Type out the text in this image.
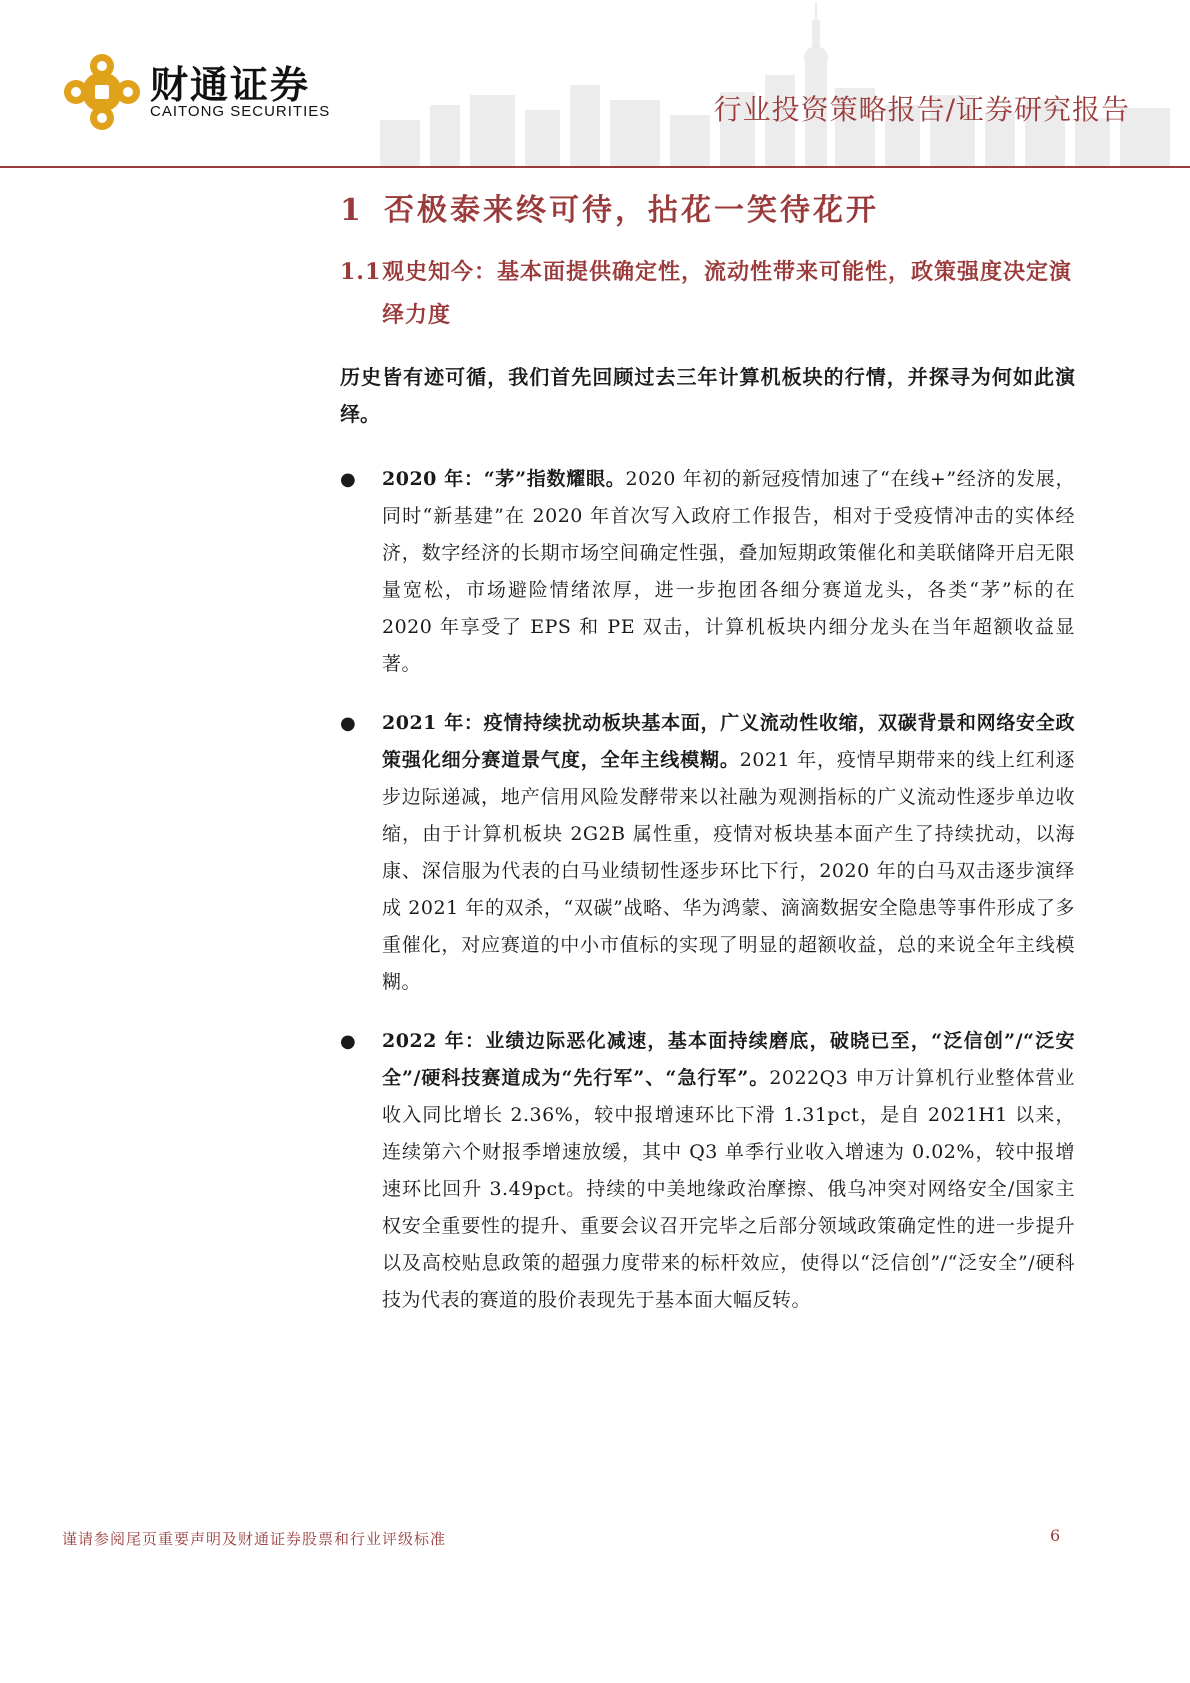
财通证券
CAITONG SECURITIES	行业投资策略报告/证券研究报告
1 否极泰来终可待，拈花一笑待花开
1.1 观史知今：基本面提供确定性，流动性带来可能性，政策强度决定演绎力度

历史皆有迹可循，我们首先回顾过去三年计算机板块的行情，并探寻为何如此演绎。

●	2020 年：“茅”指数耀眼。2020 年初的新冠疫情加速了“在线+”经济的发展，同时“新基建”在 2020 年首次写入政府工作报告，相对于受疫情冲击的实体经济，数字经济的长期市场空间确定性强，叠加短期政策催化和美联储降开启无限量宽松，市场避险情绪浓厚，进一步抱团各细分赛道龙头，各类“茅”标的在 2020 年享受了 EPS 和 PE 双击，计算机板块内细分龙头在当年超额收益显著。
●	2021 年：疫情持续扰动板块基本面，广义流动性收缩，双碳背景和网络安全政策强化细分赛道景气度，全年主线模糊。2021 年，疫情早期带来的线上红利逐步边际递减，地产信用风险发酵带来以社融为观测指标的广义流动性逐步单边收缩，由于计算机板块 2G2B 属性重，疫情对板块基本面产生了持续扰动，以海康、深信服为代表的白马业绩韧性逐步环比下行，2020 年的白马双击逐步演绎成 2021 年的双杀，“双碳”战略、华为鸿蒙、滴滴数据安全隐患等事件形成了多重催化，对应赛道的中小市值标的实现了明显的超额收益，总的来说全年主线模糊。
●	2022 年：业绩边际恶化减速，基本面持续磨底，破晓已至，“泛信创”/“泛安全”/硬科技赛道成为“先行军”、“急行军”。2022Q3 申万计算机行业整体营业收入同比增长 2.36%，较中报增速环比下滑 1.31pct，是自 2021H1 以来，连续第六个财报季增速放缓，其中 Q3 单季行业收入增速为 0.02%，较中报增速环比回升 3.49pct。持续的中美地缘政治摩擦、俄乌冲突对网络安全/国家主权安全重要性的提升、重要会议召开完毕之后部分领域政策确定性的进一步提升以及高校贴息政策的超强力度带来的标杆效应，使得以“泛信创”/“泛安全”/硬科技为代表的赛道的股价表现先于基本面大幅反转。
谨请参阅尾页重要声明及财通证券股票和行业评级标准	6
